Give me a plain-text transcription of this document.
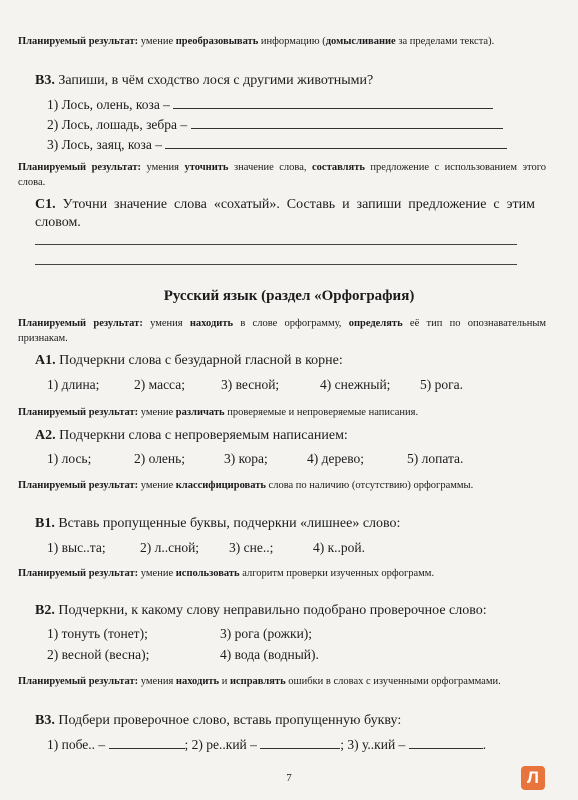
Планируемый результат: умение преобразовывать информацию (домысливание за пределами текста).
В3. Запиши, в чём сходство лося с другими животными?
1) Лось, олень, коза –
2) Лось, лошадь, зебра –
3) Лось, заяц, коза –
Планируемый результат: умения уточнить значение слова, составлять предложение с использованием этого слова.
С1. Уточни значение слова «сохатый». Составь и запиши предложение с этим словом.
Русский язык (раздел «Орфография)
Планируемый результат: умения находить в слове орфограмму, определять её тип по опознавательным признакам.
А1. Подчеркни слова с безударной гласной в корне:
1) длина;	2) масса;	3) весной;	4) снежный; 5) рога.
Планируемый результат: умение различать проверяемые и непроверяемые написания.
А2. Подчеркни слова с непроверяемым написанием:
1) лось;	2) олень;	3) кора;	4) дерево;	5) лопата.
Планируемый результат: умение классифицировать слова по наличию (отсутствию) орфограммы.
В1. Вставь пропущенные буквы, подчеркни «лишнее» слово:
1) выс..та;	2) л..сной; 3) сне..;	4) к..рой.
Планируемый результат: умение использовать алгоритм проверки изученных орфограмм.
В2. Подчеркни, к какому слову неправильно подобрано проверочное слово:
1) тонуть (тонет);	3) рога (рожки);
2) весной (весна);	4) вода (водный).
Планируемый результат: умения находить и исправлять ошибки в словах с изученными орфограммами.
В3. Подбери проверочное слово, вставь пропущенную букву:
1) побе.. –	; 2) ре..кий –	; 3) у..кий –	.
7	Л
